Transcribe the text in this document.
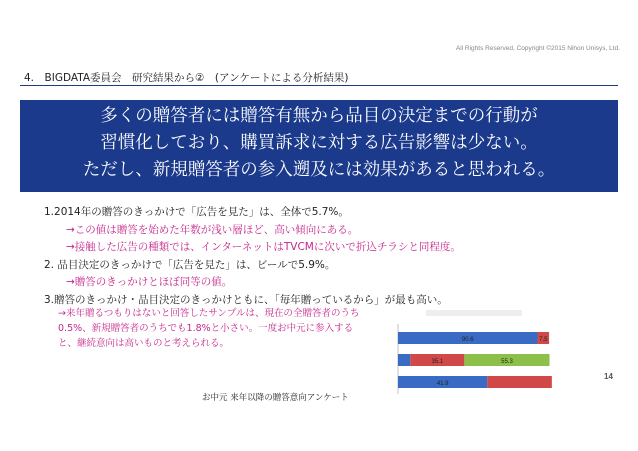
All Rights Reserved, Copyright ©2015 Nihon Unisys, Ltd.
4.　BIGDATA委員会　研究結果から②　(アンケートによる分析結果)
多くの贈答者には贈答有無から品目の決定までの行動が
習慣化しており、購買訴求に対する広告影響は少ない。
ただし、新規贈答者の参入遡及には効果があると思われる。
1.2014年の贈答のきっかけで「広告を見た」は、全体で5.7%。
→この値は贈答を始めた年数が浅い層ほど、高い傾向にある。
→接触した広告の種類では、インターネットはTVCMに次いで折込チラシと同程度。
2. 品目決定のきっかけで「広告を見た」は、ビールで5.9%。
→贈答のきっかけとほぼ同等の値。
3.贈答のきっかけ・品目決定のきっかけともに、「毎年贈っているから」が最も高い。
→来年贈るつもりはないと回答したサンプルは、現在の全贈答者のうち0.5%、新規贈答者のうちでも1.8%と小さい。一度お中元に参入すると、継続意向は高いものと考えられる。	90.6	7.5
35.1	55.3
41.9
お中元 来年以降の贈答意向アンケート
14
